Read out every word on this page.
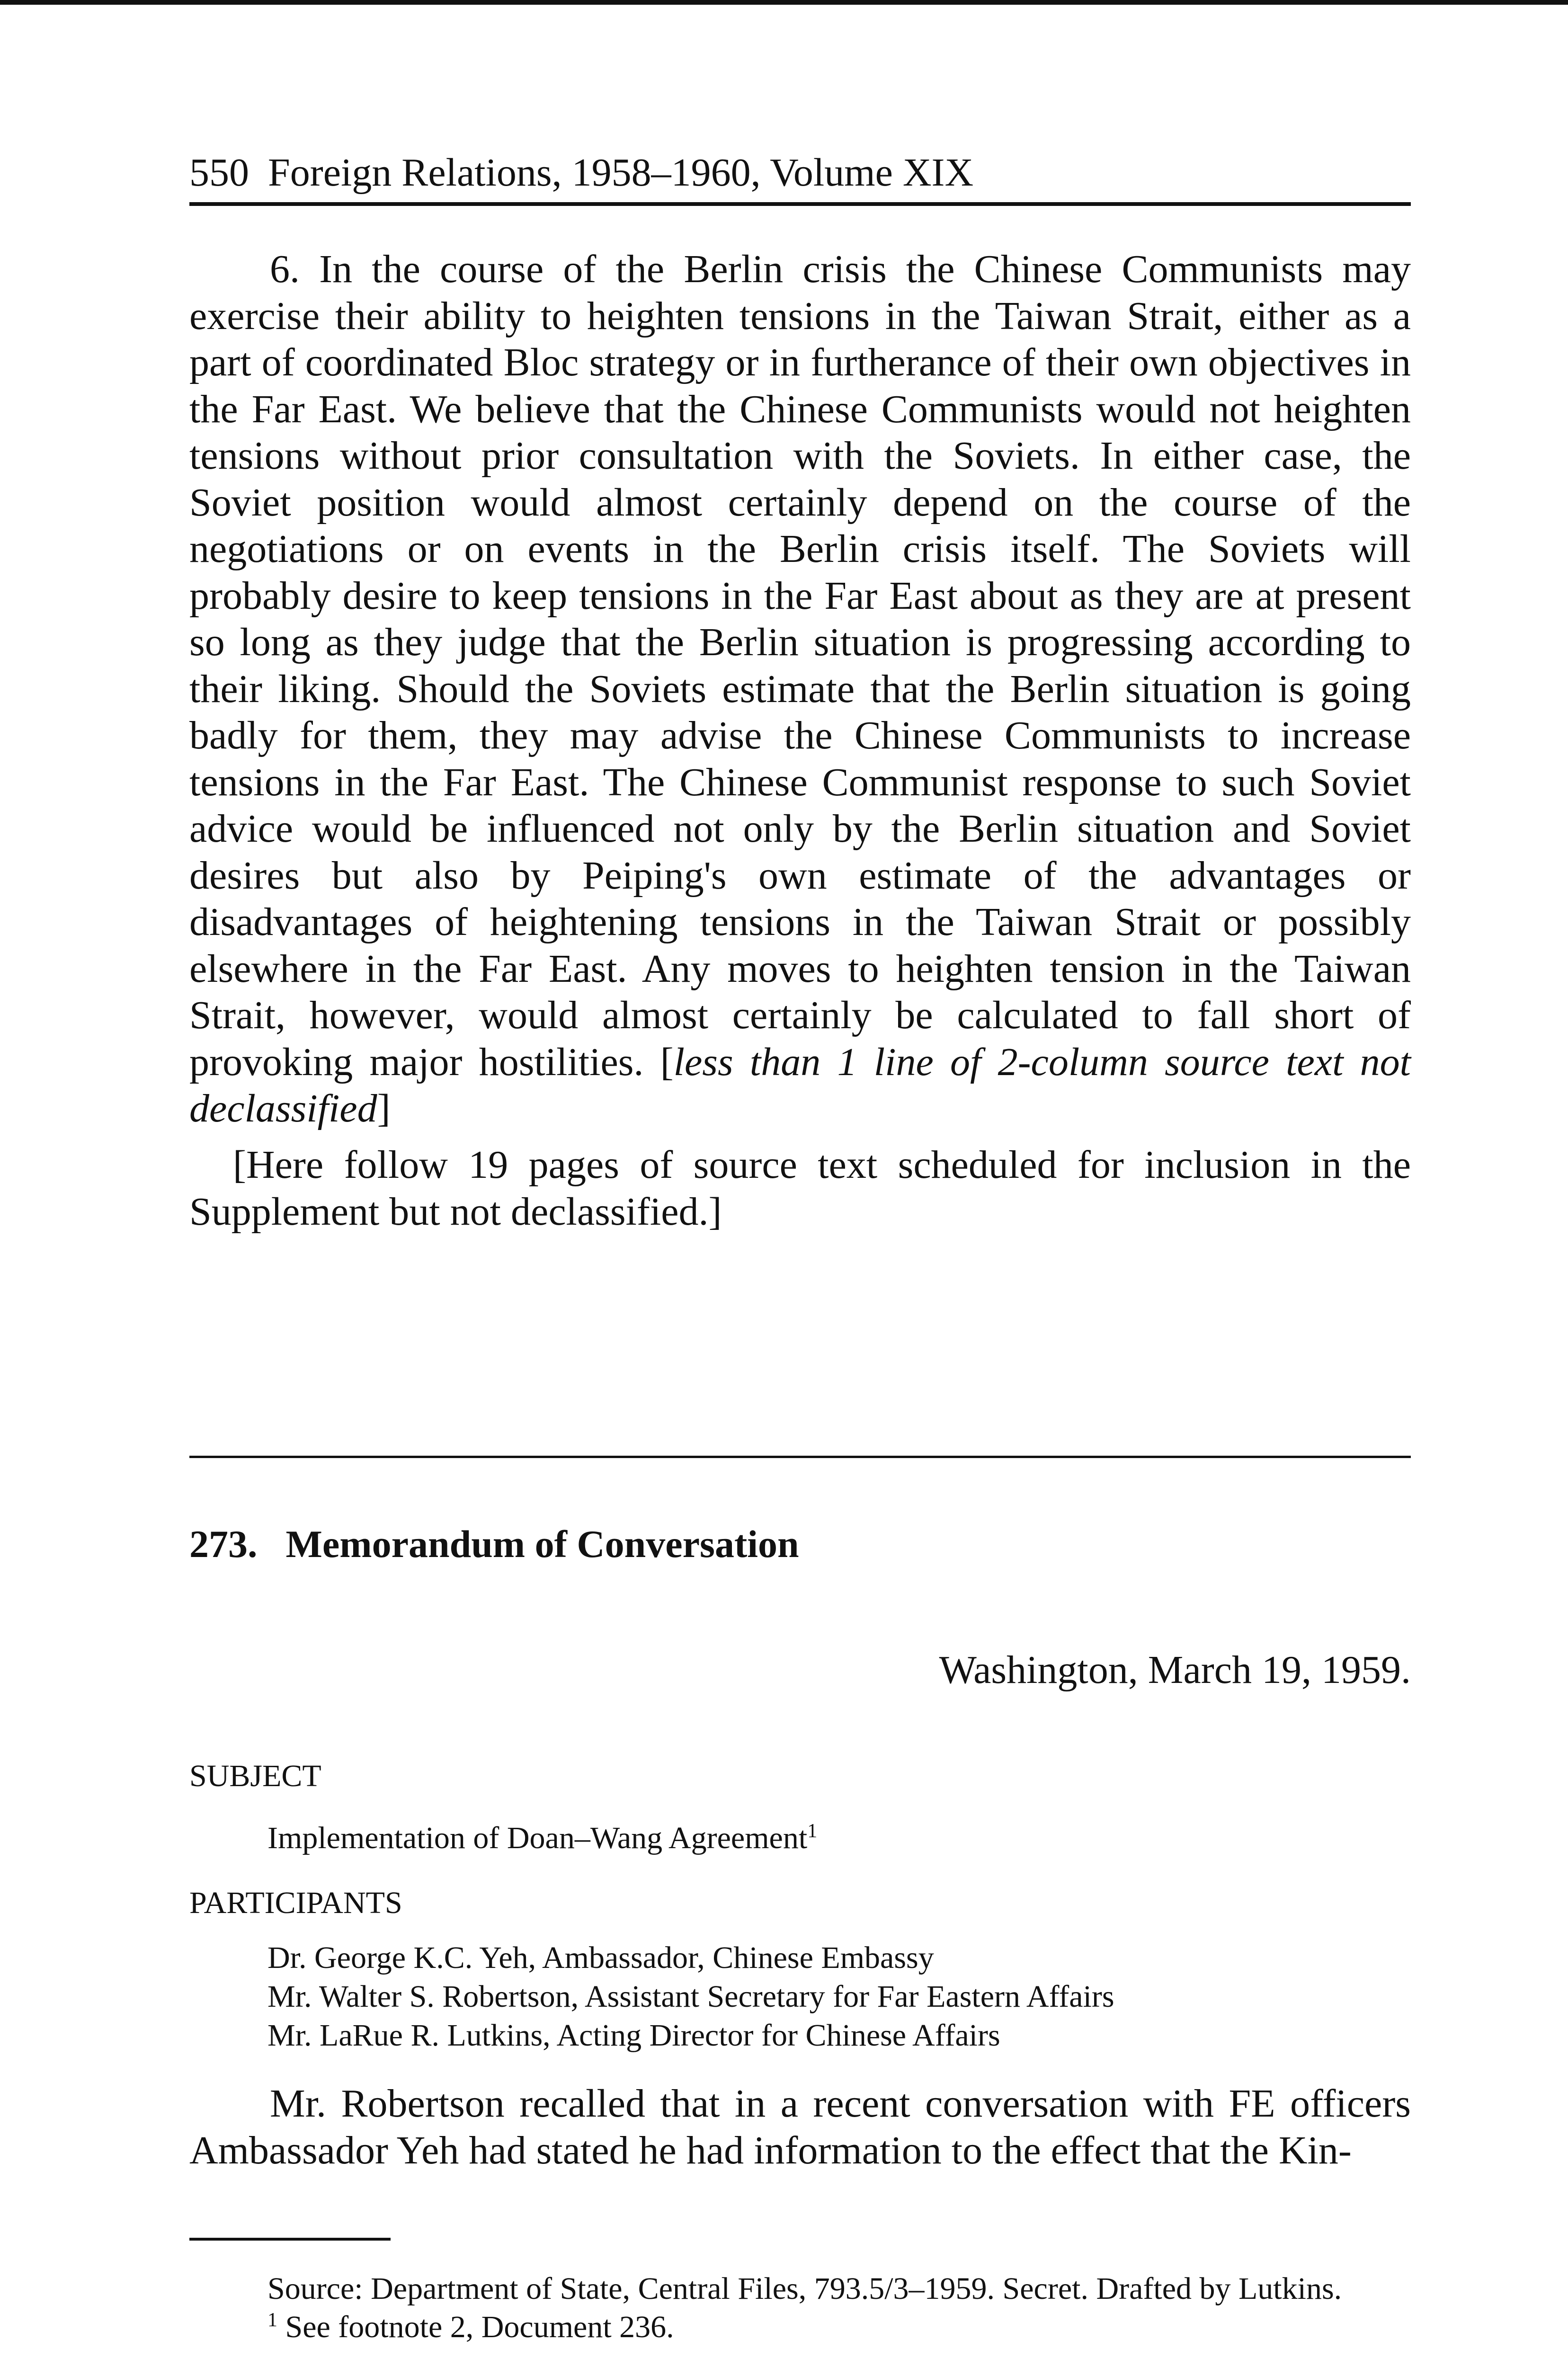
550 Foreign Relations, 1958–1960, Volume XIX

6. In the course of the Berlin crisis the Chinese Communists may exercise their ability to heighten tensions in the Taiwan Strait, either as a part of coordinated Bloc strategy or in furtherance of their own objectives in the Far East. We believe that the Chinese Communists would not heighten tensions without prior consultation with the Soviets. In either case, the Soviet position would almost certainly depend on the course of the negotiations or on events in the Berlin crisis itself. The Soviets will probably desire to keep tensions in the Far East about as they are at present so long as they judge that the Berlin situation is progressing according to their liking. Should the Soviets estimate that the Berlin situation is going badly for them, they may advise the Chinese Communists to increase tensions in the Far East. The Chinese Communist response to such Soviet advice would be influenced not only by the Berlin situation and Soviet desires but also by Peiping's own estimate of the advantages or disadvantages of heightening tensions in the Taiwan Strait or possibly elsewhere in the Far East. Any moves to heighten tension in the Taiwan Strait, however, would almost certainly be calculated to fall short of provoking major hostilities. [less than 1 line of 2-column source text not declassified]

[Here follow 19 pages of source text scheduled for inclusion in the Supplement but not declassified.]

273. Memorandum of Conversation
Washington, March 19, 1959.
SUBJECT
Implementation of Doan–Wang Agreement$^1$
PARTICIPANTS
Dr. George K.C. Yeh, Ambassador, Chinese Embassy
Mr. Walter S. Robertson, Assistant Secretary for Far Eastern Affairs
Mr. LaRue R. Lutkins, Acting Director for Chinese Affairs

Mr. Robertson recalled that in a recent conversation with FE officers Ambassador Yeh had stated he had information to the effect that the Kin-

Source: Department of State, Central Files, 793.5/3–1959. Secret. Drafted by Lutkins.
$^1$ See footnote 2, Document 236.
